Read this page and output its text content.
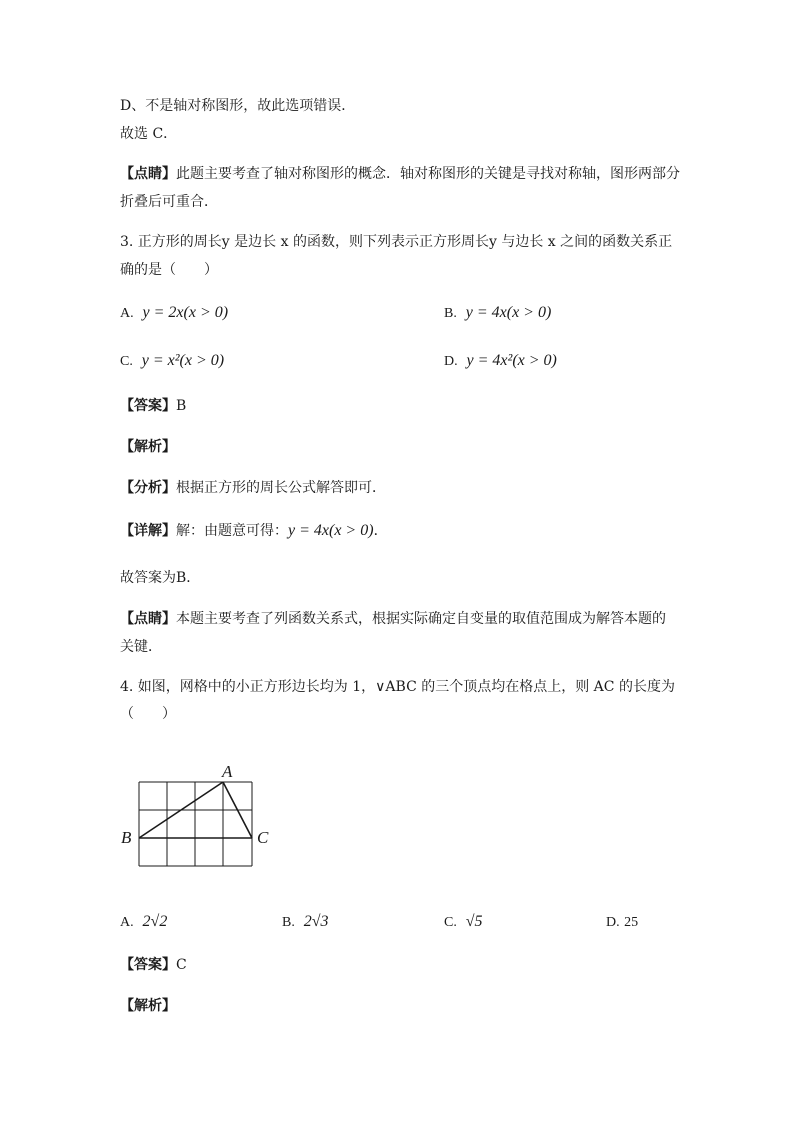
D、不是轴对称图形，故此选项错误．
故选 C．
【点睛】此题主要考查了轴对称图形的概念．轴对称图形的关键是寻找对称轴，图形两部分
折叠后可重合．
3. 正方形的周长y 是边长 x 的函数，则下列表示正方形周长y 与边长 x 之间的函数关系正
确的是（　　）
A. y = 2x(x > 0)	B. y = 4x(x > 0)
C. y = x²(x > 0)	D. y = 4x²(x > 0)
【答案】B
【解析】
【分析】根据正方形的周长公式解答即可．
【详解】解：由题意可得：y = 4x(x > 0)．
故答案为B．
【点睛】本题主要考查了列函数关系式，根据实际确定自变量的取值范围成为解答本题的
关键．
4. 如图，网格中的小正方形边长均为 1，∨ABC 的三个顶点均在格点上，则 AC 的长度为
（　　）
A
B	C
A. 2√2	B. 2√3	C. √5	D. 25
【答案】C
【解析】
